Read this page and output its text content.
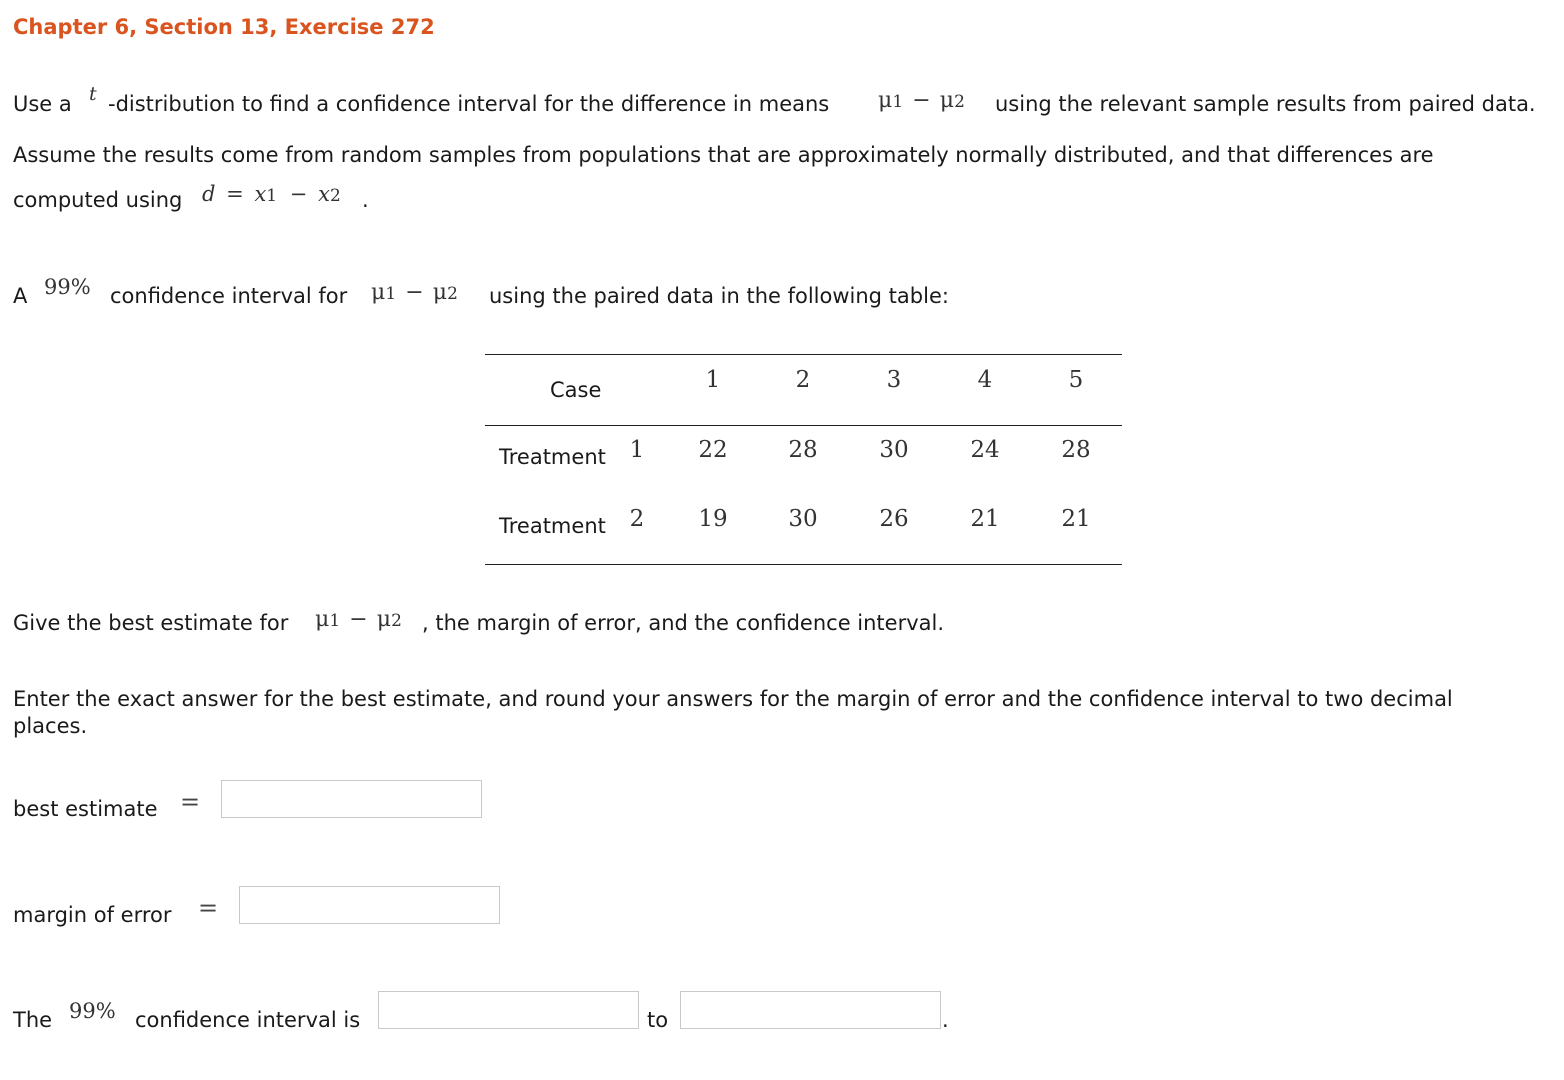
Chapter 6, Section 13, Exercise 272
Use a t -distribution to find a confidence interval for the difference in means μ1 − μ2 using the relevant sample results from paired data.
Assume the results come from random samples from populations that are approximately normally distributed, and that differences are
computed using d = x1 − x2 .
A 99% confidence interval for μ1 − μ2 using the paired data in the following table:
Case	1	2	3	4	5
Treatment	1	22	28	30	24	28
Treatment	2	19	30	26	21	21
Give the best estimate for μ1 − μ2 , the margin of error, and the confidence interval.
Enter the exact answer for the best estimate, and round your answers for the margin of error and the confidence interval to two decimal
places.
best estimate =
margin of error =
The 99% confidence interval is	to	.
